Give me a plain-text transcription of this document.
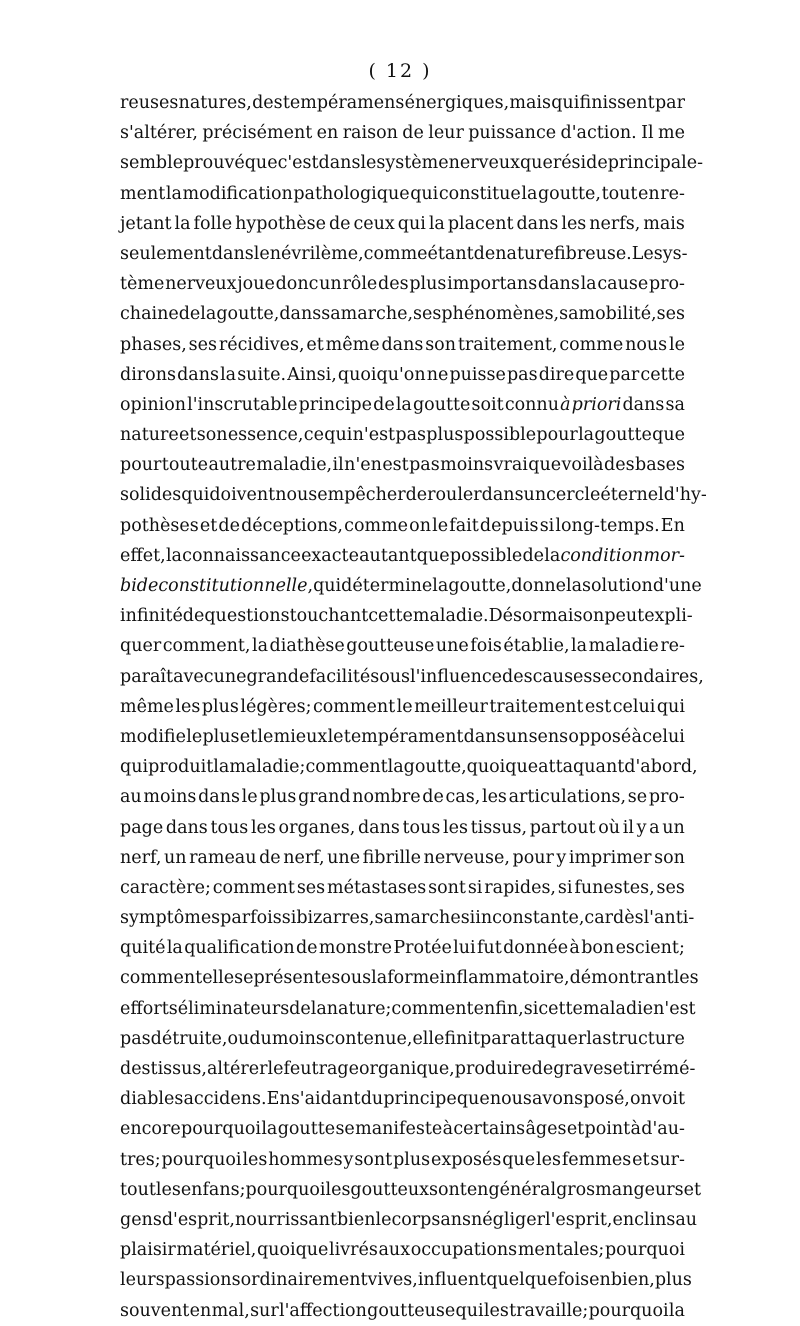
( 12 )
reuses natures, des tempéramens énergiques, mais qui finissent par
s'altérer, précisément en raison de leur puissance d'action. Il me
semble prouvé que c'est dans le système nerveux que réside principale-
ment la modification pathologique qui constitue la goutte, tout en re-
jetant la folle hypothèse de ceux qui la placent dans les nerfs, mais
seulement dans le névrilème, comme étant de nature fibreuse. Le sys-
tème nerveux joue donc un rôle des plus importans dans la cause pro-
chaine de la goutte, dans sa marche, ses phénomènes, sa mobilité, ses
phases, ses récidives, et même dans son traitement, comme nous le
dirons dans la suite. Ainsi, quoiqu'on ne puisse pas dire que par cette
opinion l'inscrutable principe de la goutte soit connu à priori dans sa
nature et son essence, ce qui n'est pas plus possible pour la goutte que
pour toute autre maladie, il n'en est pas moins vrai que voilà des bases
solides qui doivent nous empêcher de rouler dans un cercle éternel d'hy-
pothèses et de déceptions, comme on le fait depuis si long-temps. En
effet, la connaissance exacte autant que possible de la condition mor-
bide constitutionnelle, qui détermine la goutte, donne la solution d'une
infinité de questions touchant cette maladie. Désormais on peut expli-
quer comment, la diathèse goutteuse une fois établie, la maladie re-
paraît avec une grande facilité sous l'influence des causes secondaires,
même les plus légères; comment le meilleur traitement est celui qui
modifie le plus et le mieux le tempérament dans un sens opposé à celui
qui produit la maladie; comment la goutte, quoique attaquant d'abord,
au moins dans le plus grand nombre de cas, les articulations, se pro-
page dans tous les organes, dans tous les tissus, partout où il y a un
nerf, un rameau de nerf, une fibrille nerveuse, pour y imprimer son
caractère; comment ses métastases sont si rapides, si funestes, ses
symptômes parfois si bizarres, sa marche si inconstante, car dès l'anti-
quité la qualification de monstre Protée lui fut donnée à bon escient;
comment elle se présente sous la forme inflammatoire, démontrant les
efforts éliminateurs de la nature; comment enfin, si cette maladie n'est
pas détruite, ou du moins contenue, elle finit par attaquer la structure
des tissus, altérer le feutrage organique, produire de graves et irrémé-
diables accidens. En s'aidant du principe que nous avons posé, on voit
encore pourquoi la goutte se manifeste à certains âges et point à d'au-
tres; pourquoi les hommes y sont plus exposés que les femmes et sur-
tout les enfans; pourquoi les goutteux sont en général gros mangeurs et
gens d'esprit, nourrissant bien le corp sans négliger l'esprit, enclins au
plaisir matériel, quoique livrés aux occupations mentales; pourquoi
leurs passions ordinairement vives, influent quelquefois en bien, plus
souvent en mal, sur l'affection goutteuse qui les travaille; pourquoi la
